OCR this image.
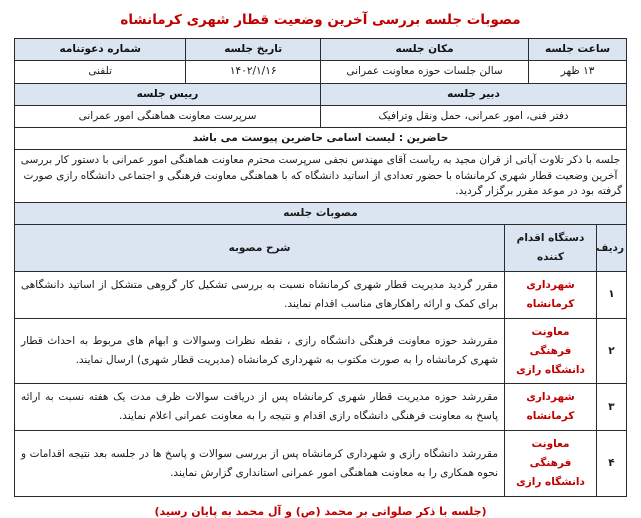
مصوبات جلسه بررسی آخرین وضعیت قطار شهری کرمانشاه
ساعت جلسه	مکان جلسه	تاریخ جلسه	شماره دعوتنامه
۱۳ ظهر	سالن جلسات حوزه معاونت عمرانی	۱۴۰۲/۱/۱۶	تلفنی
دبیر جلسه		رییس جلسه	
دفتر فنی، امور عمرانی، حمل ونقل وترافیک		سرپرست معاونت هماهنگی امور عمرانی	
حاضرین : لیست اسامی حاضرین پیوست می باشد			
جلسه با ذکر تلاوت آیاتی از قران مجید به ریاست آقای مهندس نجفی سرپرست محترم معاونت هماهنگی امور عمرانی با دستور کار بررسی آخرین وضعیت قطار شهری کرمانشاه با حضور تعدادی از اساتید دانشگاه که با هماهنگی معاونت فرهنگی و اجتماعی دانشگاه رازی صورت گرفته بود در موعد مقرر برگزار گردید.			
مصوبات جلسه			
ردیف	دستگاه اقدام کننده	شرح مصوبه
۱	شهرداری کرمانشاه	مقرر گردید مدیریت قطار شهری کرمانشاه نسبت به بررسی تشکیل کار گروهی متشکل از اساتید دانشگاهی برای کمک و ارائه راهکارهای مناسب اقدام نمایند.
۲	معاونت فرهنگی دانشگاه رازی	مقررشد حوزه معاونت فرهنگی دانشگاه رازی ، نقطه نظرات وسوالات و ابهام های مربوط به احداث قطار شهری کرمانشاه را به صورت مکتوب به شهرداری کرمانشاه (مدیریت قطار شهری) ارسال نمایند.
۳	شهرداری کرمانشاه	مقررشد حوزه مدیریت قطار شهری کرمانشاه پس از دریافت سوالات ظرف مدت یک هفته نسبت به ارائه پاسخ به معاونت فرهنگی دانشگاه رازی اقدام و نتیجه را به معاونت عمرانی اعلام نمایند.
۴	معاونت فرهنگی دانشگاه رازی	مقررشد دانشگاه رازی و شهرداری کرمانشاه پس از بررسی سوالات و پاسخ ها در جلسه بعد نتیجه اقدامات و نحوه همکاری را به معاونت هماهنگی امور عمرانی استانداری گزارش نمایند.
(جلسه با ذکر صلواتی بر محمد (ص) و آل محمد به پایان رسید)
